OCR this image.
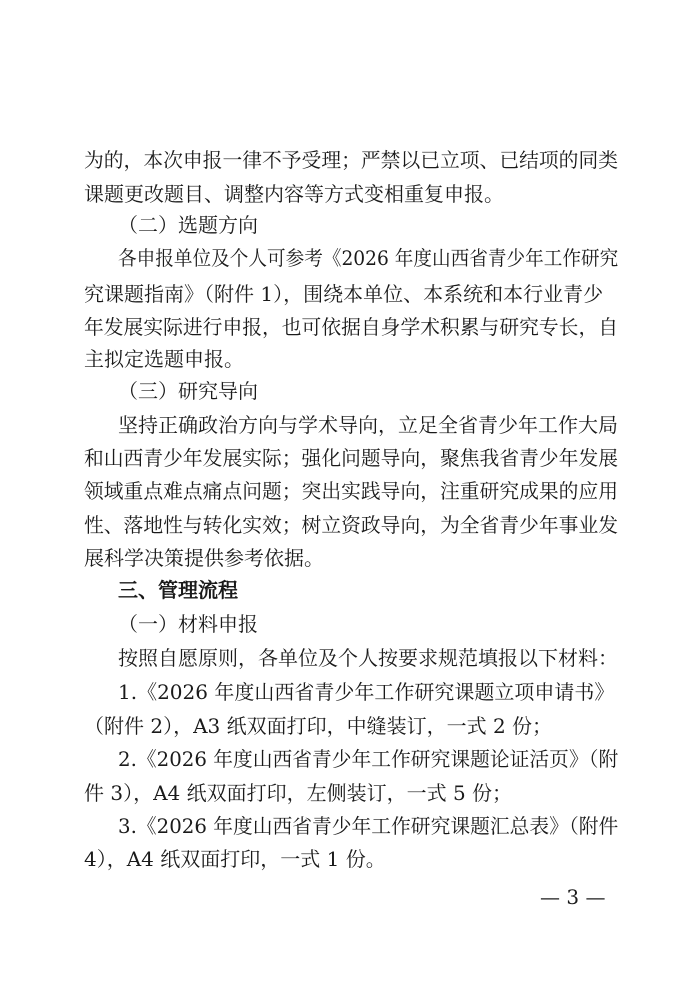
为的，本次申报一律不予受理；严禁以已立项、已结项的同类
课题更改题目、调整内容等方式变相重复申报。
（二）选题方向
各申报单位及个人可参考《2026 年度山西省青少年工作研究
究课题指南》（附件 1），围绕本单位、本系统和本行业青少
年发展实际进行申报，也可依据自身学术积累与研究专长，自
主拟定选题申报。
（三）研究导向
坚持正确政治方向与学术导向，立足全省青少年工作大局
和山西青少年发展实际；强化问题导向，聚焦我省青少年发展
领域重点难点痛点问题；突出实践导向，注重研究成果的应用
性、落地性与转化实效；树立资政导向，为全省青少年事业发
展科学决策提供参考依据。
三、管理流程
（一）材料申报
按照自愿原则，各单位及个人按要求规范填报以下材料：
1.《2026 年度山西省青少年工作研究课题立项申请书》
（附件 2），A3 纸双面打印，中缝装订，一式 2 份；
2.《2026 年度山西省青少年工作研究课题论证活页》（附
件 3），A4 纸双面打印，左侧装订，一式 5 份；
3.《2026 年度山西省青少年工作研究课题汇总表》（附件
4），A4 纸双面打印，一式 1 份。
— 3 —
